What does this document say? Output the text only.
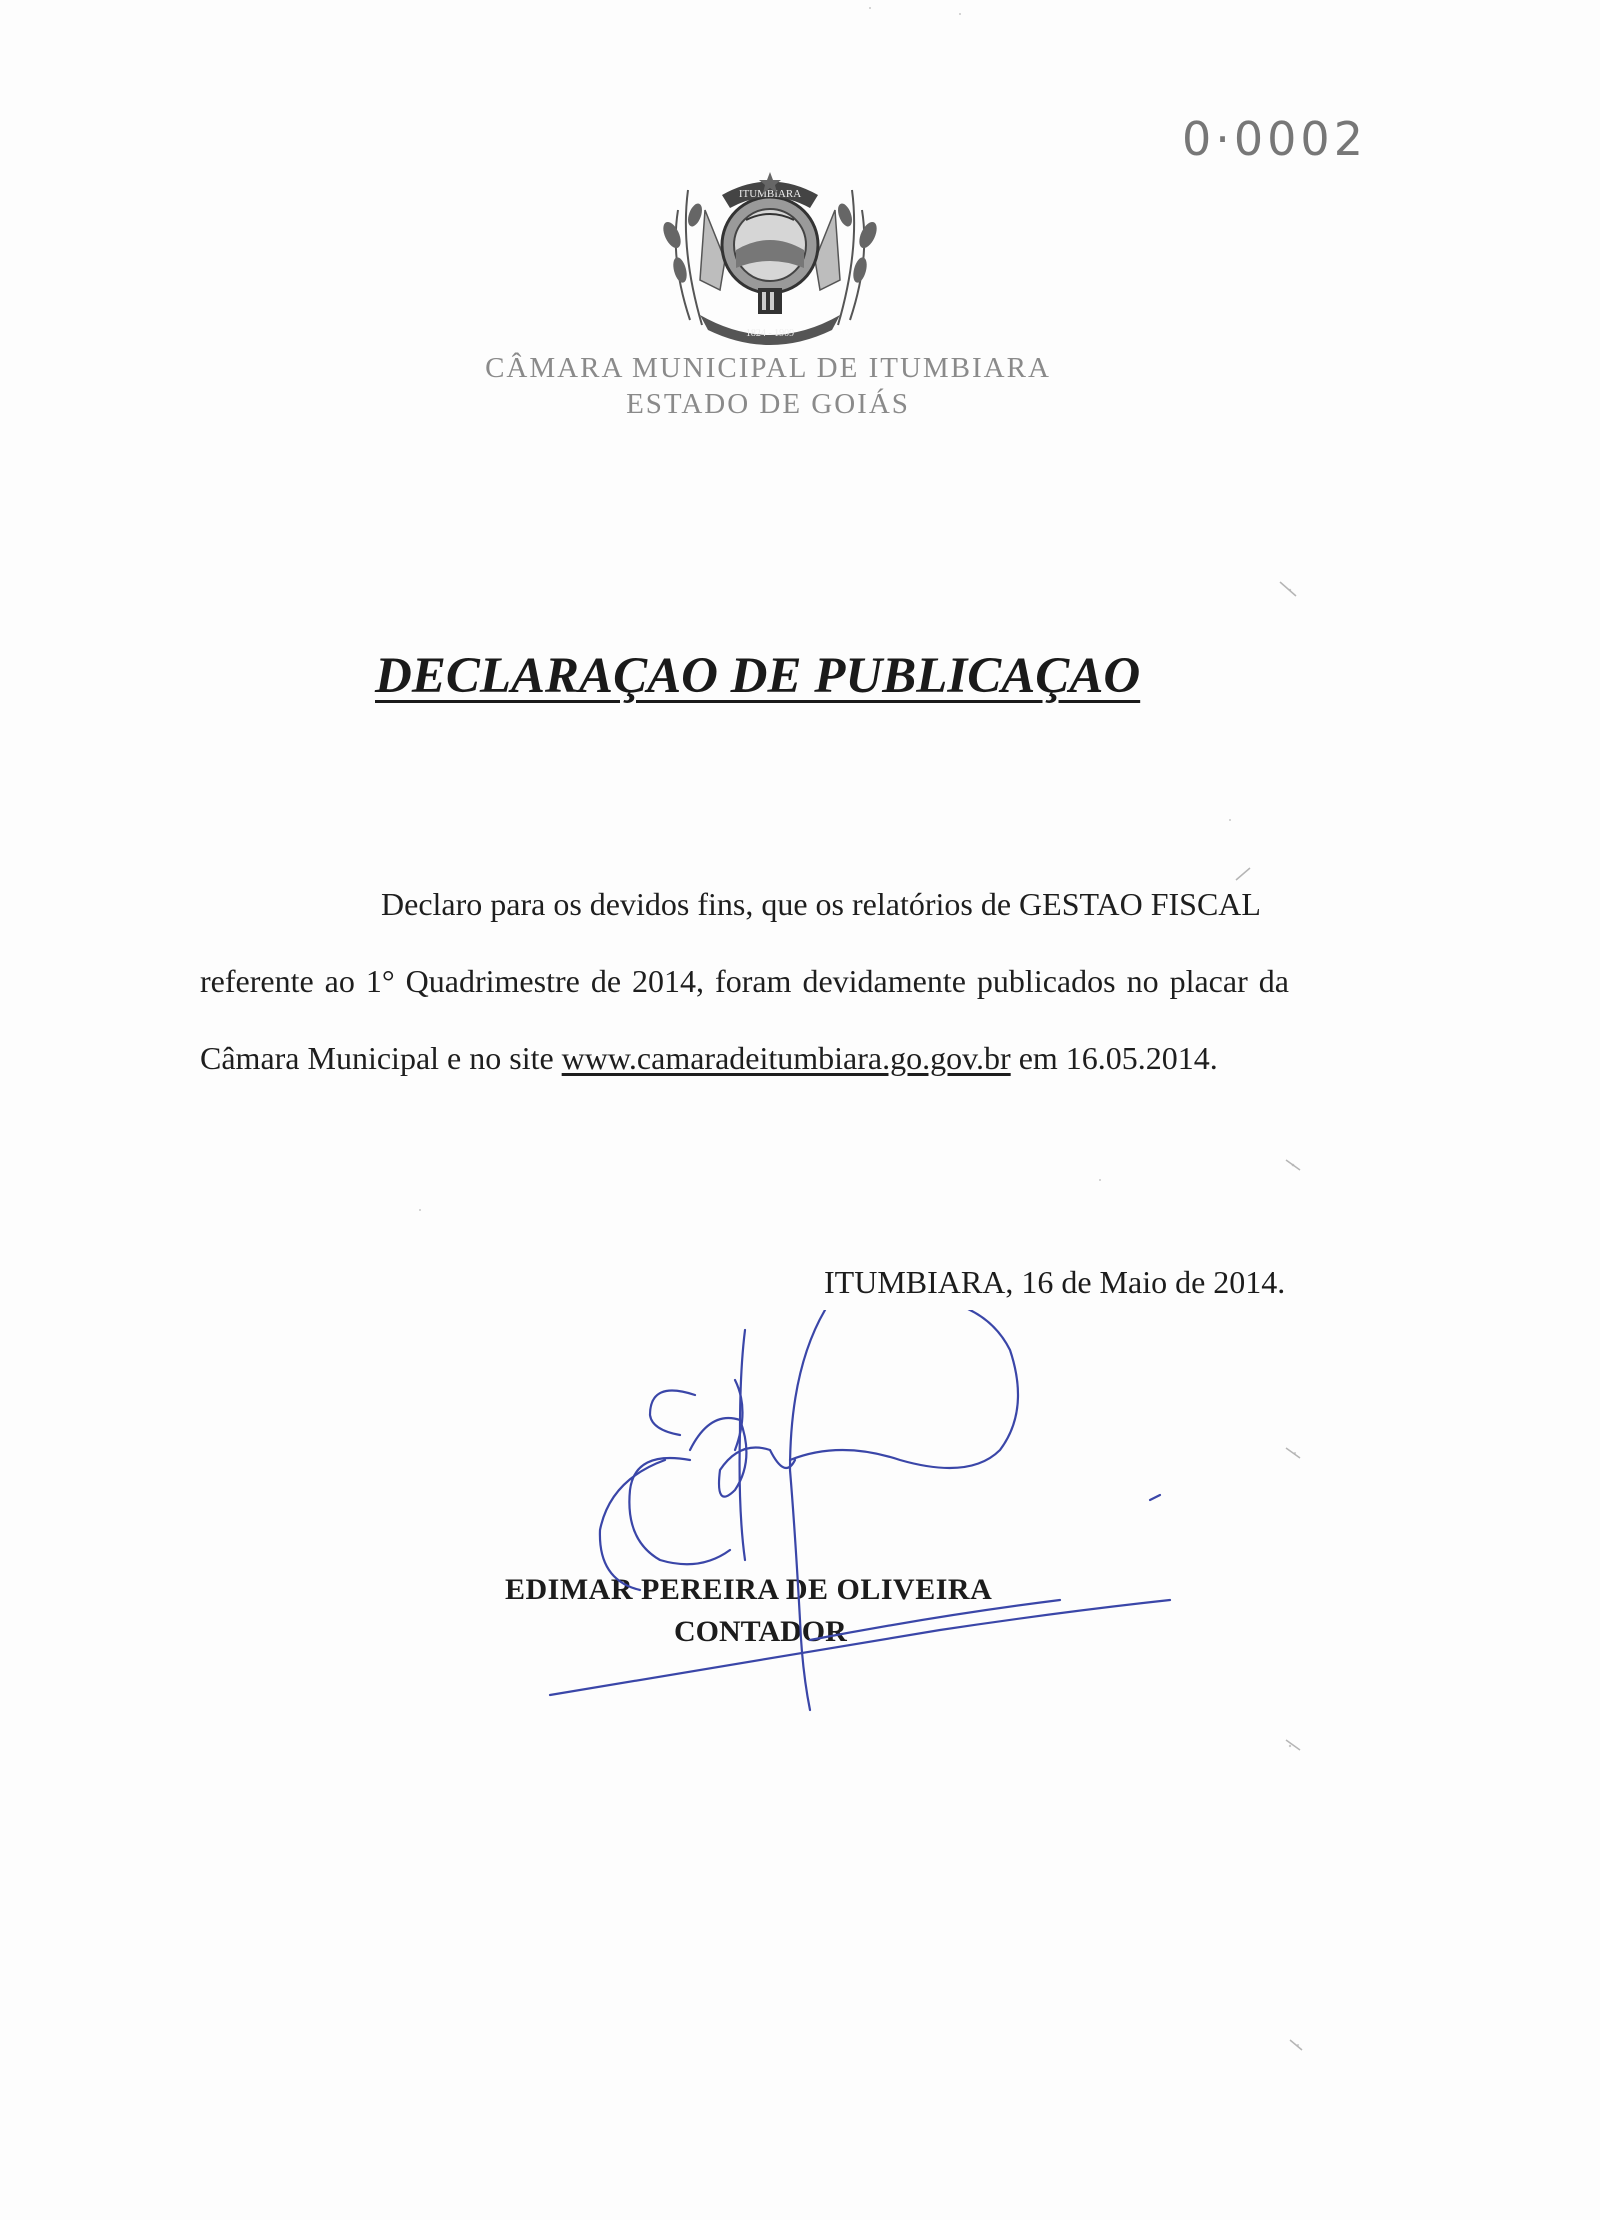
0·0002
ITUMBIARA
1824 - 1909
CÂMARA MUNICIPAL DE ITUMBIARA
ESTADO DE GOIÁS
DECLARAÇAO DE PUBLICAÇAO
Declaro para os devidos fins, que os relatórios de GESTAO FISCAL
referente ao 1° Quadrimestre de 2014, foram devidamente publicados no placar da
Câmara Municipal e no site www.camaradeitumbiara.go.gov.br em 16.05.2014.
ITUMBIARA, 16 de Maio de 2014.
EDIMAR PEREIRA DE OLIVEIRA
CONTADOR
